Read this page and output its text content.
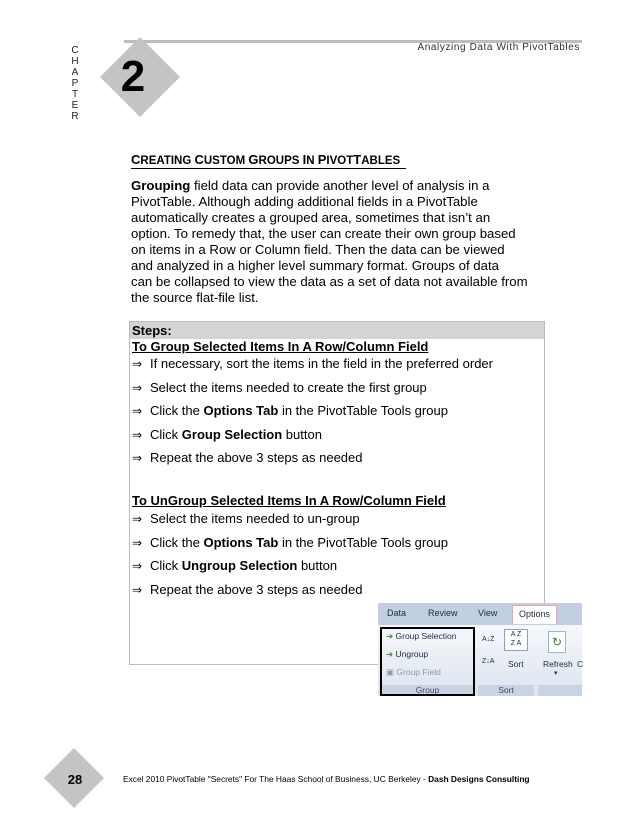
Analyzing Data With PivotTables
C
H
A
P
T
E
R
2
CREATING CUSTOM GROUPS IN PIVOTTABLES
Grouping field data can provide another level of analysis in a
PivotTable. Although adding additional fields in a PivotTable
automatically creates a grouped area, sometimes that isn’t an
option. To remedy that, the user can create their own group based
on items in a Row or Column field. Then the data can be viewed
and analyzed in a higher level summary format. Groups of data
can be collapsed to view the data as a set of data not available from
the source flat-file list.
Steps:
To Group Selected Items In A Row/Column Field
⇒ If necessary, sort the items in the field in the preferred order
⇒ Select the items needed to create the first group
⇒ Click the Options Tab in the PivotTable Tools group
⇒ Click Group Selection button
⇒ Repeat the above 3 steps as needed
To UnGroup Selected Items In A Row/Column Field
⇒ Select the items needed to un-group
⇒ Click the Options Tab in the PivotTable Tools group
⇒ Click Ungroup Selection button
⇒ Repeat the above 3 steps as needed
Data Review View	Options
➔ Group Selection
➔ Ungroup
▣ Group Field
A↓Z
Z↓A
A Z
Z A
Sort
↻
Refresh C
▾
Group	Sort
28	Excel 2010 PivotTable "Secrets" For The Haas School of Business, UC Berkeley - Dash Designs Consulting
